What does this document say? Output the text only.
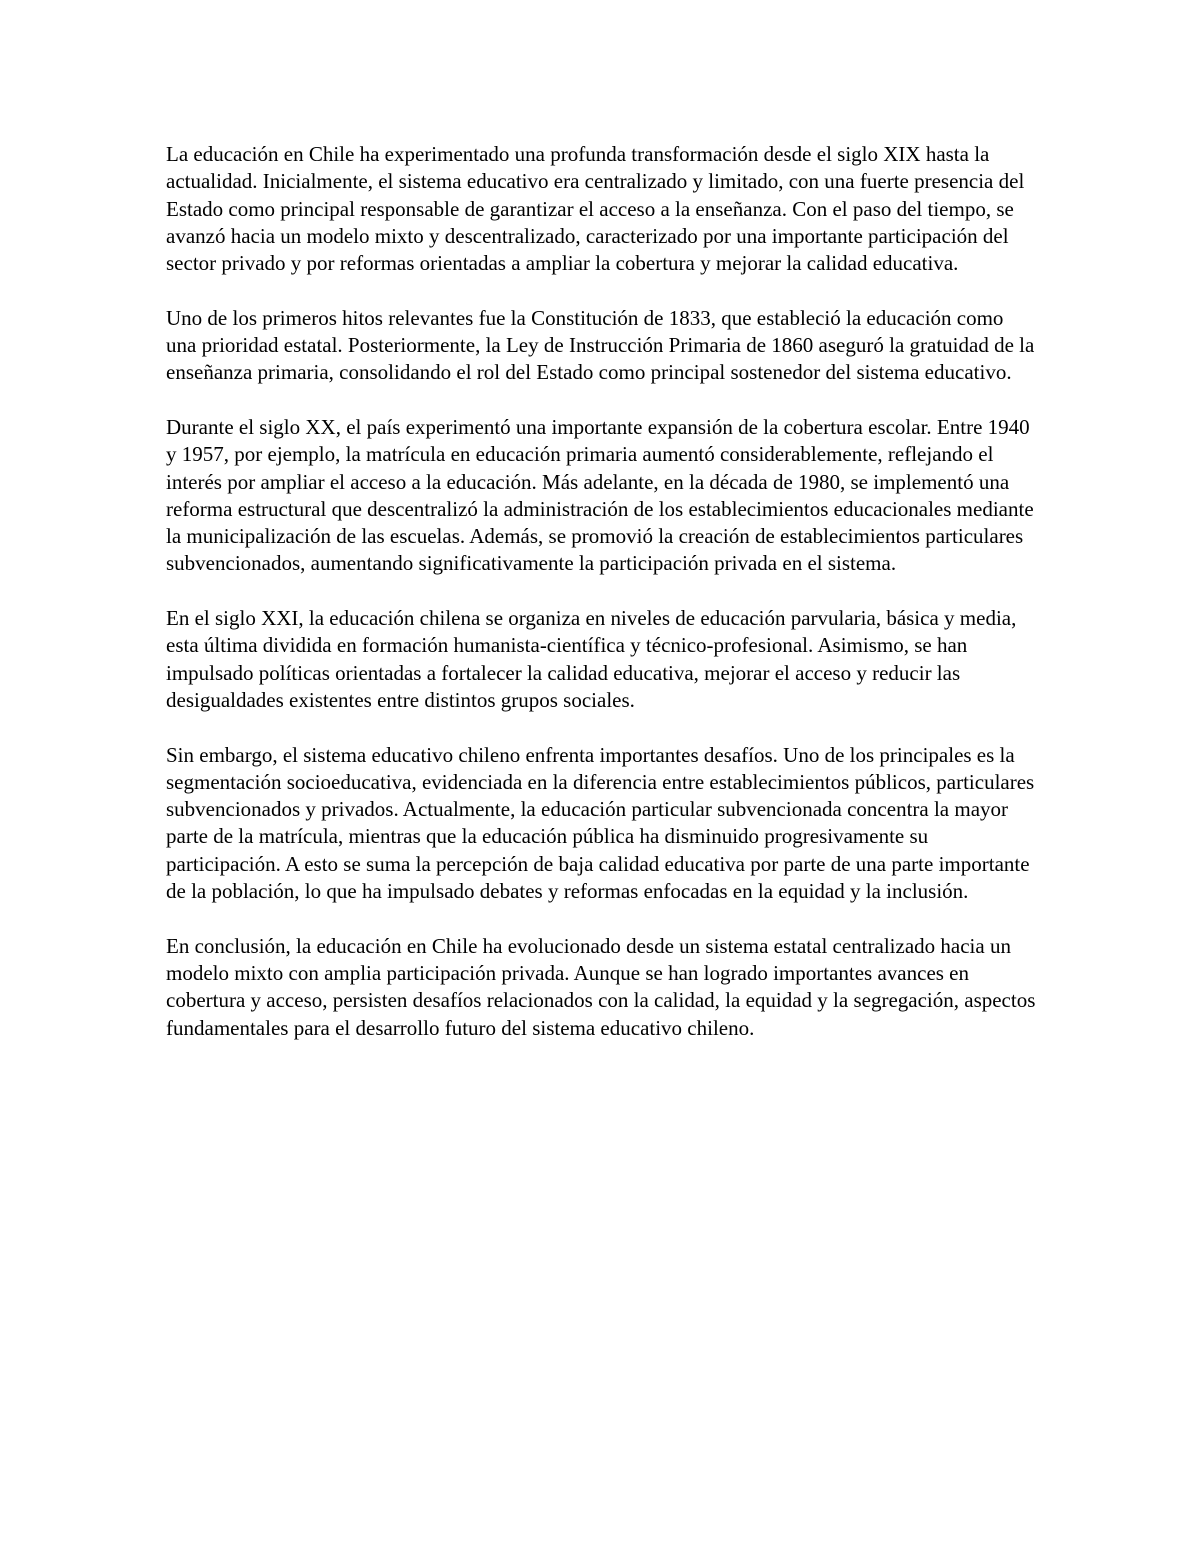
La educación en Chile ha experimentado una profunda transformación desde el siglo XIX hasta la actualidad. Inicialmente, el sistema educativo era centralizado y limitado, con una fuerte presencia del Estado como principal responsable de garantizar el acceso a la enseñanza. Con el paso del tiempo, se avanzó hacia un modelo mixto y descentralizado, caracterizado por una importante participación del sector privado y por reformas orientadas a ampliar la cobertura y mejorar la calidad educativa.

Uno de los primeros hitos relevantes fue la Constitución de 1833, que estableció la educación como una prioridad estatal. Posteriormente, la Ley de Instrucción Primaria de 1860 aseguró la gratuidad de la enseñanza primaria, consolidando el rol del Estado como principal sostenedor del sistema educativo.

Durante el siglo XX, el país experimentó una importante expansión de la cobertura escolar. Entre 1940 y 1957, por ejemplo, la matrícula en educación primaria aumentó considerablemente, reflejando el interés por ampliar el acceso a la educación. Más adelante, en la década de 1980, se implementó una reforma estructural que descentralizó la administración de los establecimientos educacionales mediante la municipalización de las escuelas. Además, se promovió la creación de establecimientos particulares subvencionados, aumentando significativamente la participación privada en el sistema.

En el siglo XXI, la educación chilena se organiza en niveles de educación parvularia, básica y media, esta última dividida en formación humanista-científica y técnico-profesional. Asimismo, se han impulsado políticas orientadas a fortalecer la calidad educativa, mejorar el acceso y reducir las desigualdades existentes entre distintos grupos sociales.

Sin embargo, el sistema educativo chileno enfrenta importantes desafíos. Uno de los principales es la segmentación socioeducativa, evidenciada en la diferencia entre establecimientos públicos, particulares subvencionados y privados. Actualmente, la educación particular subvencionada concentra la mayor parte de la matrícula, mientras que la educación pública ha disminuido progresivamente su participación. A esto se suma la percepción de baja calidad educativa por parte de una parte importante de la población, lo que ha impulsado debates y reformas enfocadas en la equidad y la inclusión.

En conclusión, la educación en Chile ha evolucionado desde un sistema estatal centralizado hacia un modelo mixto con amplia participación privada. Aunque se han logrado importantes avances en cobertura y acceso, persisten desafíos relacionados con la calidad, la equidad y la segregación, aspectos fundamentales para el desarrollo futuro del sistema educativo chileno.
